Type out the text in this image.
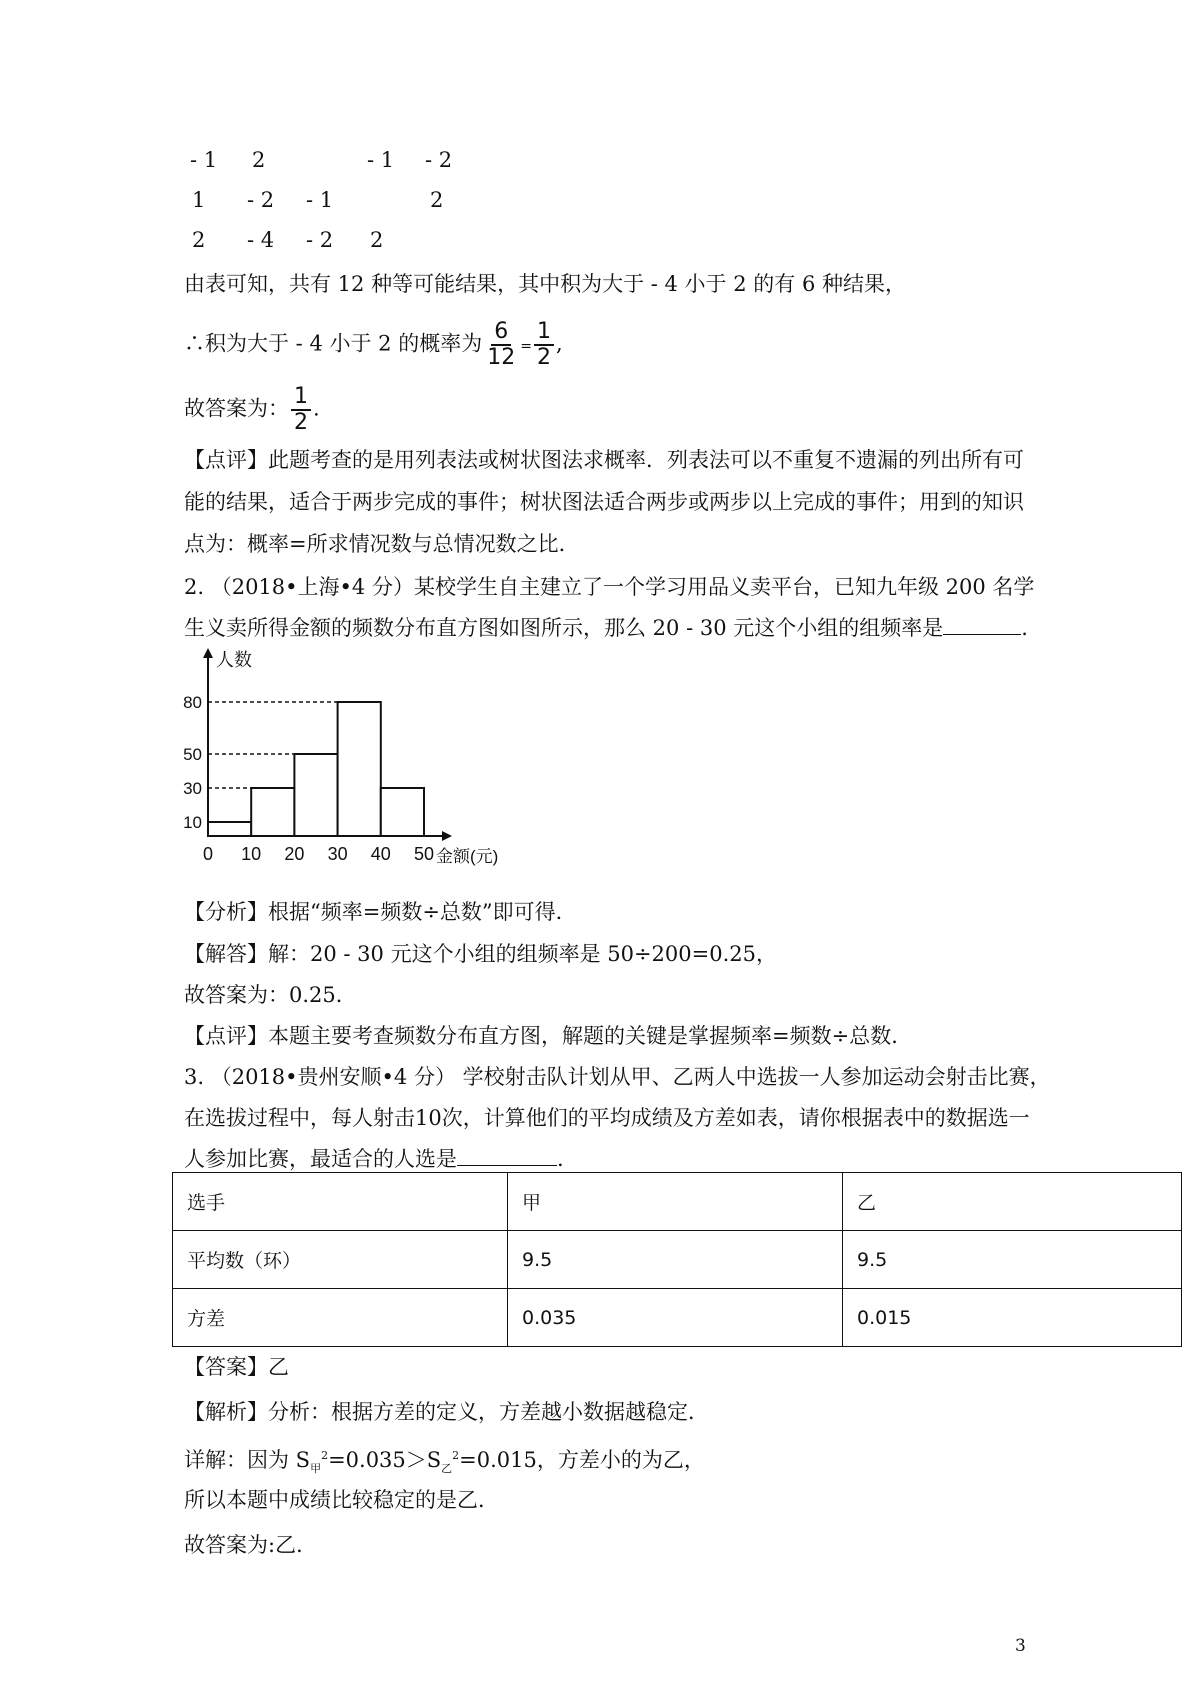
- 1 2	- 1 - 2
1 - 2 - 1	2
2 - 4 - 2 2
由表可知，共有 12 种等可能结果，其中积为大于 - 4 小于 2 的有 6 种结果，
∴积为大于 - 4 小于 2 的概率为 $\frac{6}{12} = \frac{1}{2}$ ,
故答案为： $\frac{1}{2}$ .
【点评】此题考查的是用列表法或树状图法求概率．列表法可以不重复不遗漏的列出所有可
能的结果，适合于两步完成的事件；树状图法适合两步或两步以上完成的事件；用到的知识
点为：概率=所求情况数与总情况数之比．
2. （2018•上海•4 分）某校学生自主建立了一个学习用品义卖平台，已知九年级 200 名学
生义卖所得金额的频数分布直方图如图所示，那么 20 - 30 元这个小组的组频率是	.
10
30
50
80
0 10 20 30 40 50
人数
金额(元)
【分析】根据“频率=频数÷总数”即可得．
【解答】解：20 - 30 元这个小组的组频率是 50÷200=0.25，
故答案为：0.25．
【点评】本题主要考查频数分布直方图，解题的关键是掌握频率=频数÷总数．
3. （2018•贵州安顺•4 分） 学校射击队计划从甲、乙两人中选拔一人参加运动会射击比赛，
在选拔过程中，每人射击10次，计算他们的平均成绩及方差如表，请你根据表中的数据选一
人参加比赛，最适合的人选是	.
选手	甲	乙
平均数（环）	9.5	9.5
方差	0.035	0.015
【答案】乙
【解析】分析：根据方差的定义，方差越小数据越稳定．
详解：因为 $S_甲^2=0.035>S_乙^2=0.015$，方差小的为乙，
所以本题中成绩比较稳定的是乙．
故答案为:乙．
3
